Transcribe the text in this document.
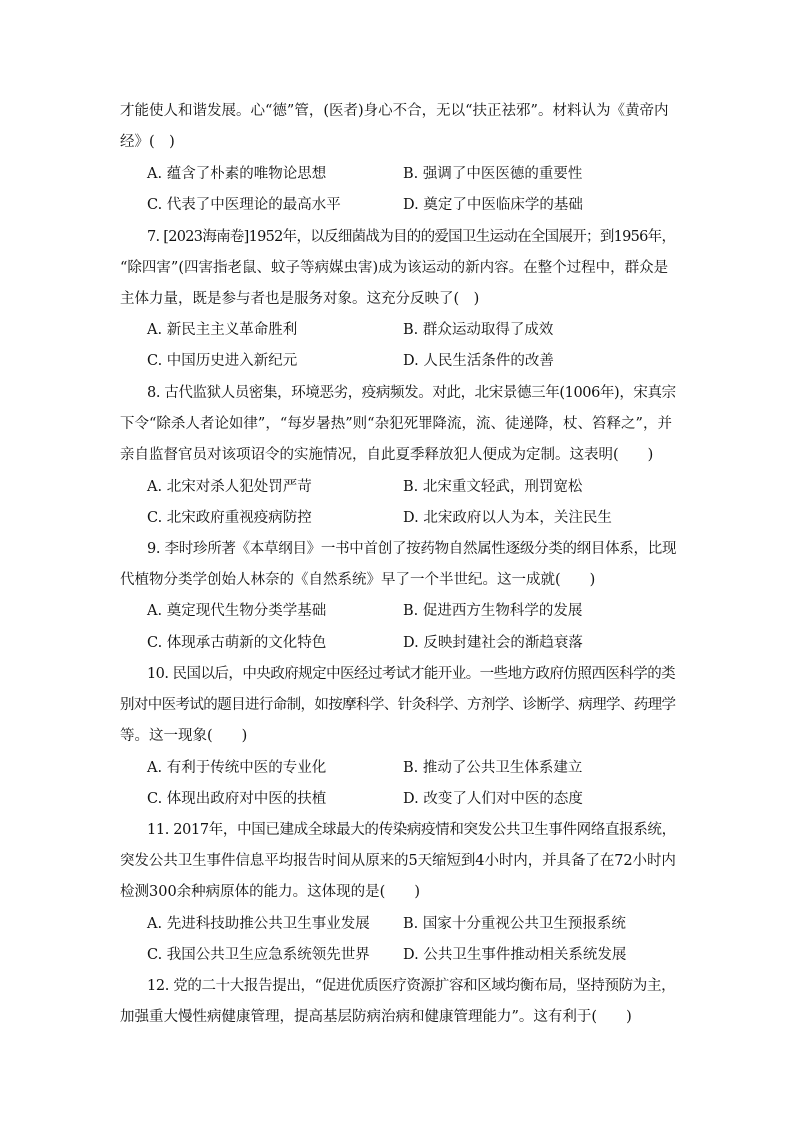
才能使人和谐发展。心“德”管，(医者)身心不合，无以“扶正祛邪”。材料认为《黄帝内
经》(　)
A. 蕴含了朴素的唯物论思想	B. 强调了中医医德的重要性
C. 代表了中医理论的最高水平	D. 奠定了中医临床学的基础
7. [2023海南卷]1952年，以反细菌战为目的的爱国卫生运动在全国展开；到1956年，
“除四害”(四害指老鼠、蚊子等病媒虫害)成为该运动的新内容。在整个过程中，群众是
主体力量，既是参与者也是服务对象。这充分反映了(　)
A. 新民主主义革命胜利	B. 群众运动取得了成效
C. 中国历史进入新纪元	D. 人民生活条件的改善
8. 古代监狱人员密集，环境恶劣，疫病频发。对此，北宋景德三年(1006年)，宋真宗
下令“除杀人者论如律”，“每岁暑热”则“杂犯死罪降流，流、徒递降，杖、笞释之”，并
亲自监督官员对该项诏令的实施情况，自此夏季释放犯人便成为定制。这表明(　　)
A. 北宋对杀人犯处罚严苛	B. 北宋重文轻武，刑罚宽松
C. 北宋政府重视疫病防控	D. 北宋政府以人为本，关注民生
9. 李时珍所著《本草纲目》一书中首创了按药物自然属性逐级分类的纲目体系，比现
代植物分类学创始人林奈的《自然系统》早了一个半世纪。这一成就(　　)
A. 奠定现代生物分类学基础	B. 促进西方生物科学的发展
C. 体现承古萌新的文化特色	D. 反映封建社会的渐趋衰落
10. 民国以后，中央政府规定中医经过考试才能开业。一些地方政府仿照西医科学的类
别对中医考试的题目进行命制，如按摩科学、针灸科学、方剂学、诊断学、病理学、药理学
等。这一现象(　　)
A. 有利于传统中医的专业化	B. 推动了公共卫生体系建立
C. 体现出政府对中医的扶植	D. 改变了人们对中医的态度
11. 2017年，中国已建成全球最大的传染病疫情和突发公共卫生事件网络直报系统，
突发公共卫生事件信息平均报告时间从原来的5天缩短到4小时内，并具备了在72小时内
检测300余种病原体的能力。这体现的是(　　)
A. 先进科技助推公共卫生事业发展 B. 国家十分重视公共卫生预报系统
C. 我国公共卫生应急系统领先世界 D. 公共卫生事件推动相关系统发展
12. 党的二十大报告提出，“促进优质医疗资源扩容和区域均衡布局，坚持预防为主，
加强重大慢性病健康管理，提高基层防病治病和健康管理能力”。这有利于(　　)
